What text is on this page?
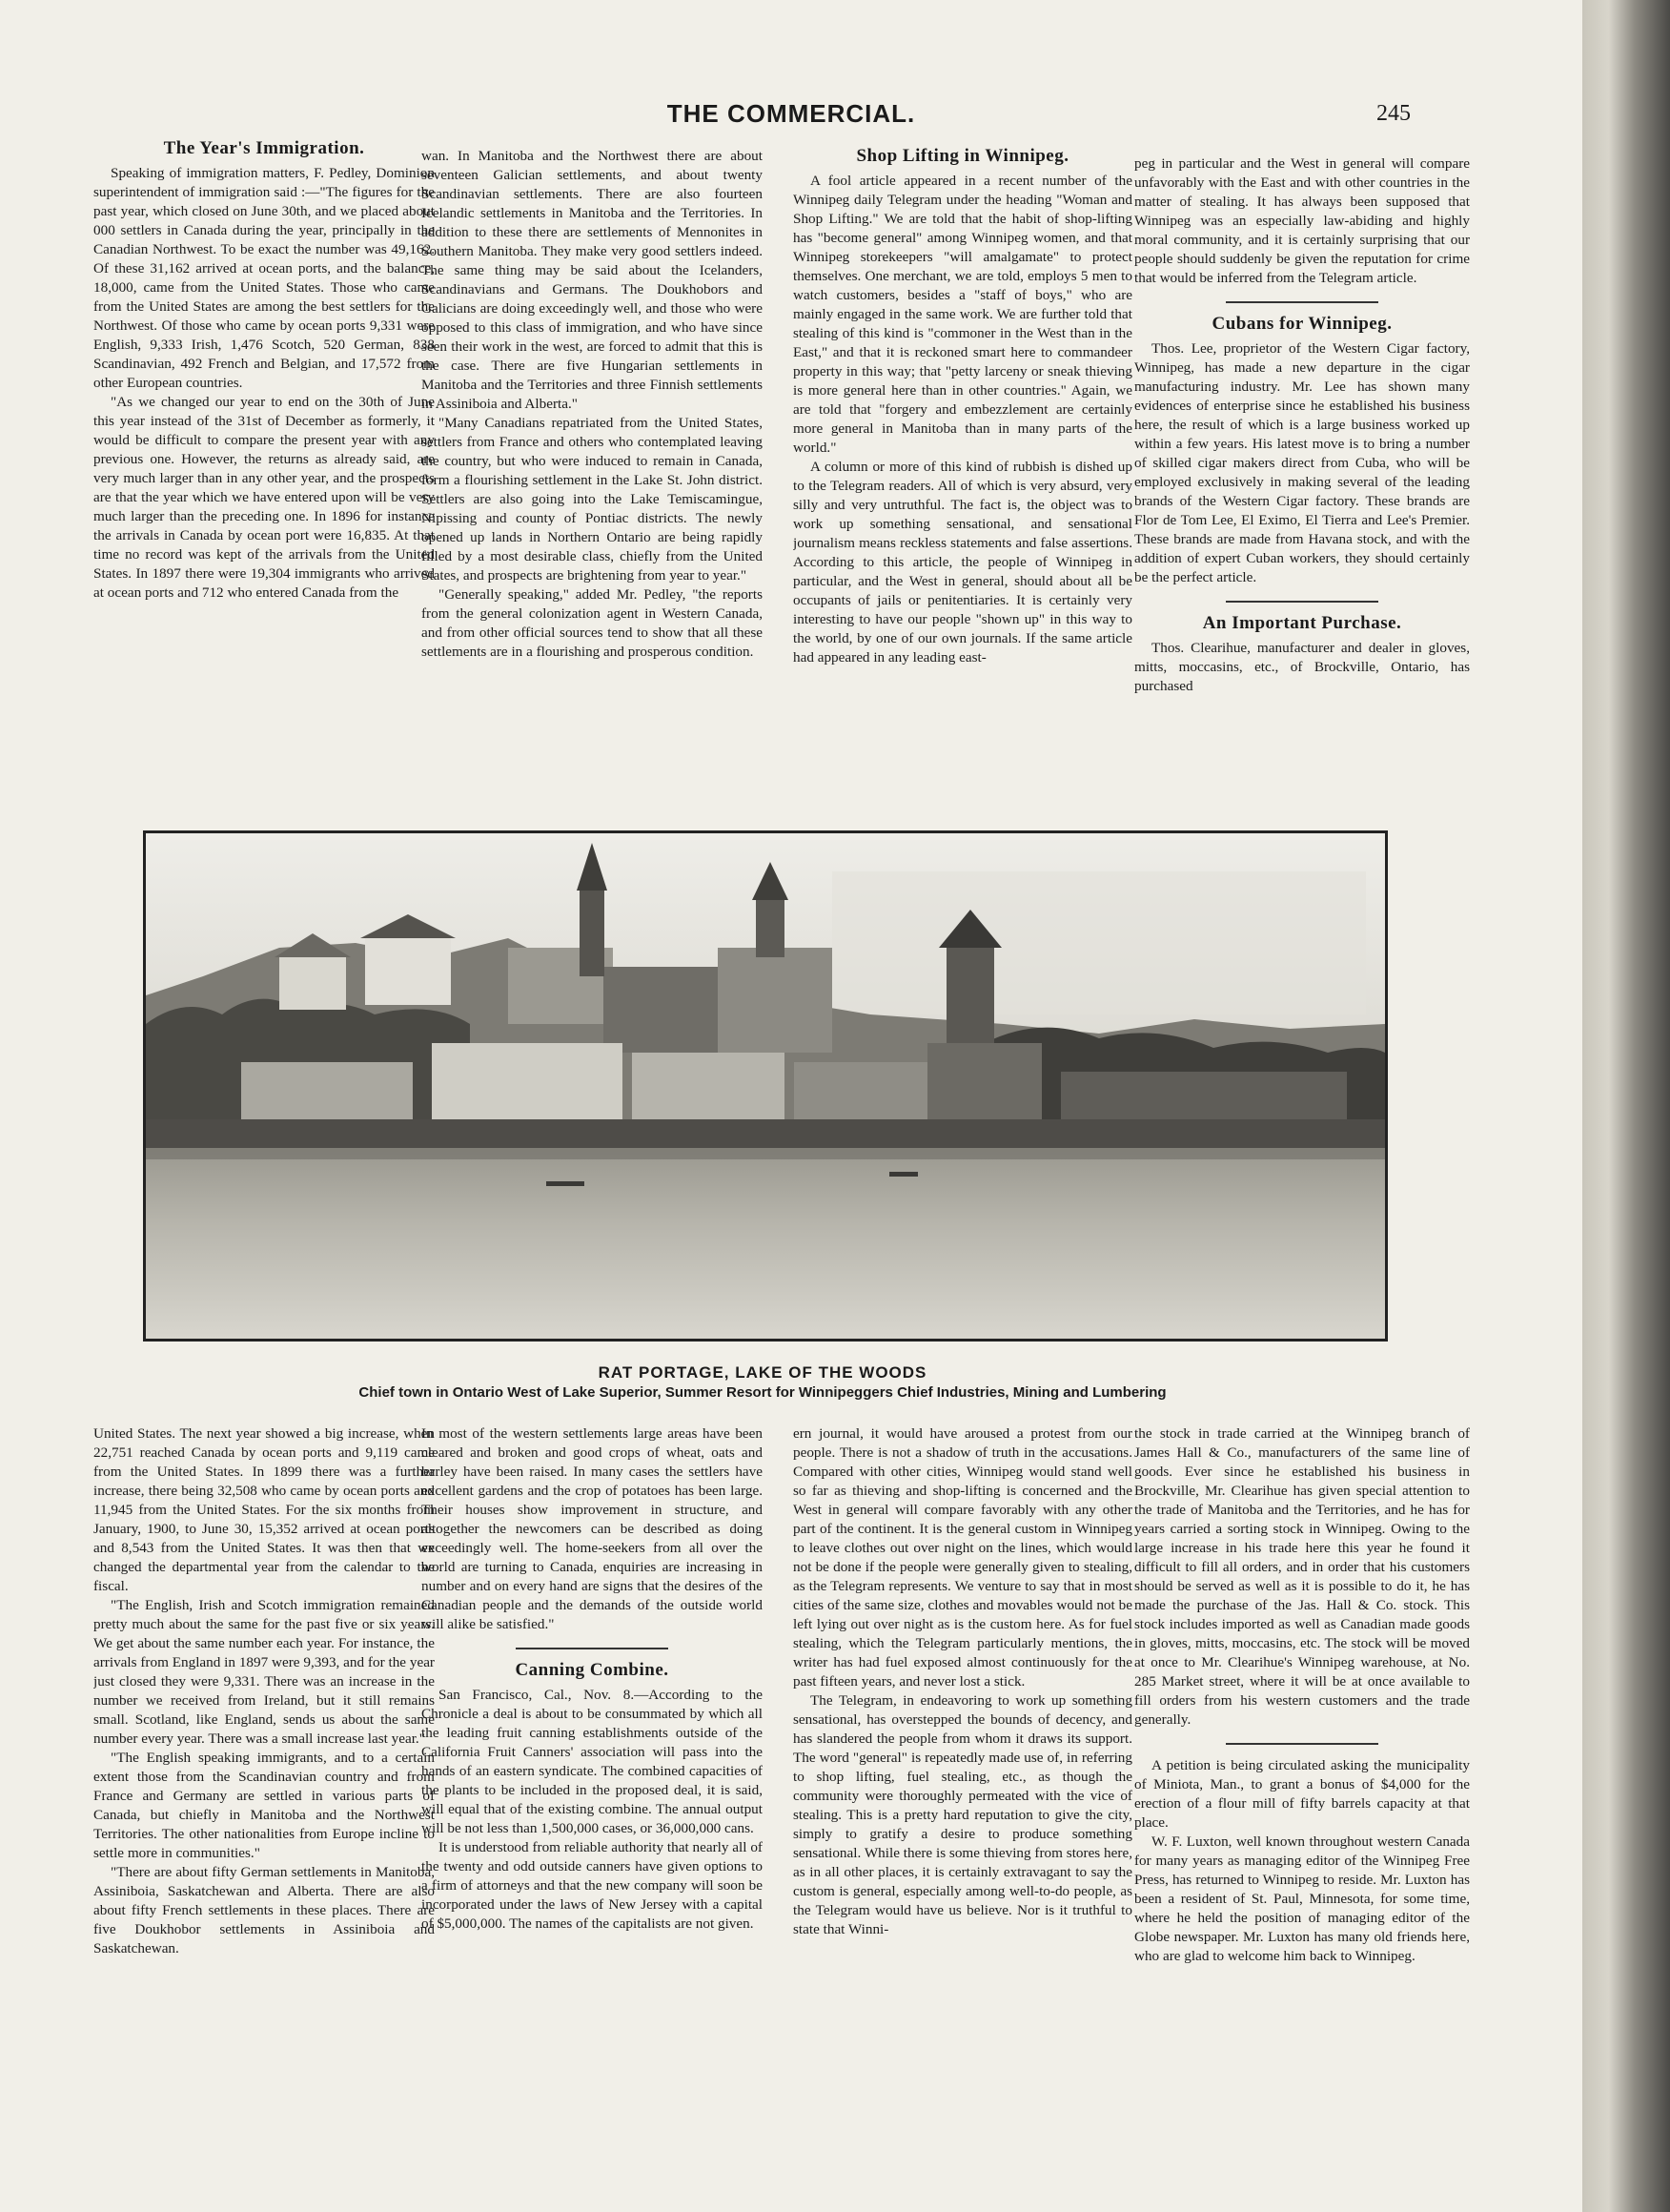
THE COMMERCIAL.	245
The Year's Immigration.

Speaking of immigration matters, F. Pedley, Dominion superintendent of immigration said :—"The figures for the past year, which closed on June 30th, and we placed about 000 settlers in Canada during the year, principally in the Canadian Northwest. To be exact the number was 49,162. Of these 31,162 arrived at ocean ports, and the balance, 18,000, came from the United States. Those who came from the United States are among the best settlers for the Northwest. Of those who came by ocean ports 9,331 were English, 9,333 Irish, 1,476 Scotch, 520 German, 838 Scandinavian, 492 French and Belgian, and 17,572 from other European countries.

"As we changed our year to end on the 30th of June this year instead of the 31st of December as formerly, it would be difficult to compare the present year with any previous one. However, the returns as already said, are very much larger than in any other year, and the prospects are that the year which we have entered upon will be very much larger than the preceding one. In 1896 for instance the arrivals in Canada by ocean port were 16,835. At that time no record was kept of the arrivals from the United States. In 1897 there were 19,304 immigrants who arrived at ocean ports and 712 who entered Canada from the

wan. In Manitoba and the Northwest there are about seventeen Galician settlements, and about twenty Scandinavian settlements. There are also fourteen Icelandic settlements in Manitoba and the Territories. In addition to these there are settlements of Mennonites in Southern Manitoba. They make very good settlers indeed. The same thing may be said about the Icelanders, Scandinavians and Germans. The Doukhobors and Galicians are doing exceedingly well, and those who were opposed to this class of immigration, and who have since seen their work in the west, are forced to admit that this is the case. There are five Hungarian settlements in Manitoba and the Territories and three Finnish settlements in Assiniboia and Alberta."

"Many Canadians repatriated from the United States, settlers from France and others who contemplated leaving the country, but who were induced to remain in Canada, form a flourishing settlement in the Lake St. John district. Settlers are also going into the Lake Temiscamingue, Nipissing and county of Pontiac districts. The newly opened up lands in Northern Ontario are being rapidly filled by a most desirable class, chiefly from the United States, and prospects are brightening from year to year."

"Generally speaking," added Mr. Pedley, "the reports from the general colonization agent in Western Canada, and from other official sources tend to show that all these settlements are in a flourishing and prosperous condition.

Shop Lifting in Winnipeg.

A fool article appeared in a recent number of the Winnipeg daily Telegram under the heading "Woman and Shop Lifting." We are told that the habit of shop-lifting has "become general" among Winnipeg women, and that Winnipeg storekeepers "will amalgamate" to protect themselves. One merchant, we are told, employs 5 men to watch customers, besides a "staff of boys," who are mainly engaged in the same work. We are further told that stealing of this kind is "commoner in the West than in the East," and that it is reckoned smart here to commandeer property in this way; that "petty larceny or sneak thieving is more general here than in other countries." Again, we are told that "forgery and embezzlement are certainly more general in Manitoba than in many parts of the world."

A column or more of this kind of rubbish is dished up to the Telegram readers. All of which is very absurd, very silly and very untruthful. The fact is, the object was to work up something sensational, and sensational journalism means reckless statements and false assertions. According to this article, the people of Winnipeg in particular, and the West in general, should about all be occupants of jails or penitentiaries. It is certainly very interesting to have our people "shown up" in this way to the world, by one of our own journals. If the same article had appeared in any leading east-

peg in particular and the West in general will compare unfavorably with the East and with other countries in the matter of stealing. It has always been supposed that Winnipeg was an especially law-abiding and highly moral community, and it is certainly surprising that our people should suddenly be given the reputation for crime that would be inferred from the Telegram article.

Cubans for Winnipeg.

Thos. Lee, proprietor of the Western Cigar factory, Winnipeg, has made a new departure in the cigar manufacturing industry. Mr. Lee has shown many evidences of enterprise since he established his business here, the result of which is a large business worked up within a few years. His latest move is to bring a number of skilled cigar makers direct from Cuba, who will be employed exclusively in making several of the leading brands of the Western Cigar factory. These brands are Flor de Tom Lee, El Eximo, El Tierra and Lee's Premier. These brands are made from Havana stock, and with the addition of expert Cuban workers, they should certainly be the perfect article.

An Important Purchase.

Thos. Clearihue, manufacturer and dealer in gloves, mitts, moccasins, etc., of Brockville, Ontario, has purchased

RAT PORTAGE, LAKE OF THE WOODS
Chief town in Ontario West of Lake Superior, Summer Resort for Winnipeggers Chief Industries, Mining and Lumbering

United States. The next year showed a big increase, when 22,751 reached Canada by ocean ports and 9,119 came from the United States. In 1899 there was a further increase, there being 32,508 who came by ocean ports and 11,945 from the United States. For the six months from January, 1900, to June 30, 15,352 arrived at ocean ports and 8,543 from the United States. It was then that we changed the departmental year from the calendar to the fiscal.

"The English, Irish and Scotch immigration remained pretty much about the same for the past five or six years. We get about the same number each year. For instance, the arrivals from England in 1897 were 9,393, and for the year just closed they were 9,331. There was an increase in the number we received from Ireland, but it still remains small. Scotland, like England, sends us about the same number every year. There was a small increase last year."

"The English speaking immigrants, and to a certain extent those from the Scandinavian country and from France and Germany are settled in various parts of Canada, but chiefly in Manitoba and the Northwest Territories. The other nationalities from Europe incline to settle more in communities."

"There are about fifty German settlements in Manitoba, Assiniboia, Saskatchewan and Alberta. There are also about fifty French settlements in these places. There are five Doukhobor settlements in Assiniboia and Saskatchewan.

In most of the western settlements large areas have been cleared and broken and good crops of wheat, oats and barley have been raised. In many cases the settlers have excellent gardens and the crop of potatoes has been large. Their houses show improvement in structure, and altogether the newcomers can be described as doing exceedingly well. The home-seekers from all over the world are turning to Canada, enquiries are increasing in number and on every hand are signs that the desires of the Canadian people and the demands of the outside world will alike be satisfied."

Canning Combine.

San Francisco, Cal., Nov. 8.—According to the Chronicle a deal is about to be consummated by which all the leading fruit canning establishments outside of the California Fruit Canners' association will pass into the hands of an eastern syndicate. The combined capacities of the plants to be included in the proposed deal, it is said, will equal that of the existing combine. The annual output will be not less than 1,500,000 cases, or 36,000,000 cans.

It is understood from reliable authority that nearly all of the twenty and odd outside canners have given options to a firm of attorneys and that the new company will soon be incorporated under the laws of New Jersey with a capital of $5,000,000. The names of the capitalists are not given.

ern journal, it would have aroused a protest from our people. There is not a shadow of truth in the accusations. Compared with other cities, Winnipeg would stand well so far as thieving and shop-lifting is concerned and the West in general will compare favorably with any other part of the continent. It is the general custom in Winnipeg to leave clothes out over night on the lines, which would not be done if the people were generally given to stealing, as the Telegram represents. We venture to say that in most cities of the same size, clothes and movables would not be left lying out over night as is the custom here. As for fuel stealing, which the Telegram particularly mentions, the writer has had fuel exposed almost continuously for the past fifteen years, and never lost a stick.

The Telegram, in endeavoring to work up something sensational, has overstepped the bounds of decency, and has slandered the people from whom it draws its support. The word "general" is repeatedly made use of, in referring to shop lifting, fuel stealing, etc., as though the community were thoroughly permeated with the vice of stealing. This is a pretty hard reputation to give the city, simply to gratify a desire to produce something sensational. While there is some thieving from stores here, as in all other places, it is certainly extravagant to say the custom is general, especially among well-to-do people, as the Telegram would have us believe. Nor is it truthful to state that Winni-

the stock in trade carried at the Winnipeg branch of James Hall & Co., manufacturers of the same line of goods. Ever since he established his business in Brockville, Mr. Clearihue has given special attention to the trade of Manitoba and the Territories, and he has for years carried a sorting stock in Winnipeg. Owing to the large increase in his trade here this year he found it difficult to fill all orders, and in order that his customers should be served as well as it is possible to do it, he has made the purchase of the Jas. Hall & Co. stock. This stock includes imported as well as Canadian made goods in gloves, mitts, moccasins, etc. The stock will be moved at once to Mr. Clearihue's Winnipeg warehouse, at No. 285 Market street, where it will be at once available to fill orders from his western customers and the trade generally.

A petition is being circulated asking the municipality of Miniota, Man., to grant a bonus of $4,000 for the erection of a flour mill of fifty barrels capacity at that place.

W. F. Luxton, well known throughout western Canada for many years as managing editor of the Winnipeg Free Press, has returned to Winnipeg to reside. Mr. Luxton has been a resident of St. Paul, Minnesota, for some time, where he held the position of managing editor of the Globe newspaper. Mr. Luxton has many old friends here, who are glad to welcome him back to Winnipeg.
